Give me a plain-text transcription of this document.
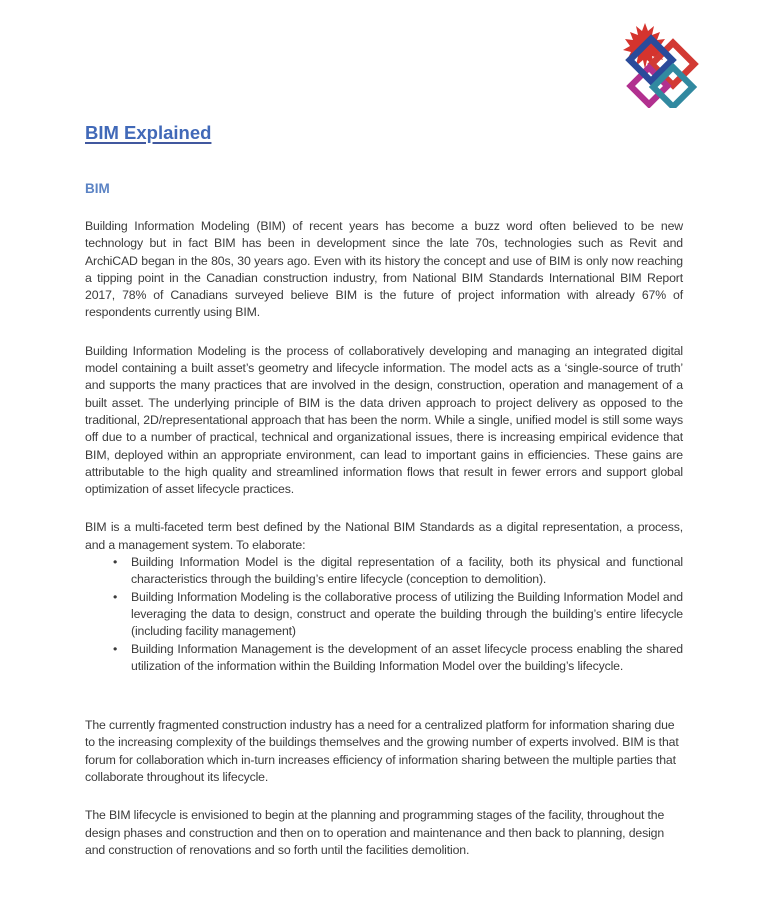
BIM Explained
BIM

Building Information Modeling (BIM) of recent years has become a buzz word often believed to be new technology but in fact BIM has been in development since the late 70s, technologies such as Revit and ArchiCAD began in the 80s, 30 years ago. Even with its history the concept and use of BIM is only now reaching a tipping point in the Canadian construction industry, from National BIM Standards International BIM Report 2017, 78% of Canadians surveyed believe BIM is the future of project information with already 67% of respondents currently using BIM.

Building Information Modeling is the process of collaboratively developing and managing an integrated digital model containing a built asset’s geometry and lifecycle information. The model acts as a ‘single-source of truth’ and supports the many practices that are involved in the design, construction, operation and management of a built asset. The underlying principle of BIM is the data driven approach to project delivery as opposed to the traditional, 2D/representational approach that has been the norm. While a single, unified model is still some ways off due to a number of practical, technical and organizational issues, there is increasing empirical evidence that BIM, deployed within an appropriate environment, can lead to important gains in efficiencies. These gains are attributable to the high quality and streamlined information flows that result in fewer errors and support global optimization of asset lifecycle practices.

BIM is a multi-faceted term best defined by the National BIM Standards as a digital representation, a process, and a management system. To elaborate:

• Building Information Model is the digital representation of a facility, both its physical and functional characteristics through the building’s entire lifecycle (conception to demolition).
• Building Information Modeling is the collaborative process of utilizing the Building Information Model and leveraging the data to design, construct and operate the building through the building’s entire lifecycle (including facility management)
• Building Information Management is the development of an asset lifecycle process enabling the shared utilization of the information within the Building Information Model over the building’s lifecycle.

The currently fragmented construction industry has a need for a centralized platform for information sharing due to the increasing complexity of the buildings themselves and the growing number of experts involved. BIM is that forum for collaboration which in-turn increases efficiency of information sharing between the multiple parties that collaborate throughout its lifecycle.

The BIM lifecycle is envisioned to begin at the planning and programming stages of the facility, throughout the design phases and construction and then on to operation and maintenance and then back to planning, design and construction of renovations and so forth until the facilities demolition.
